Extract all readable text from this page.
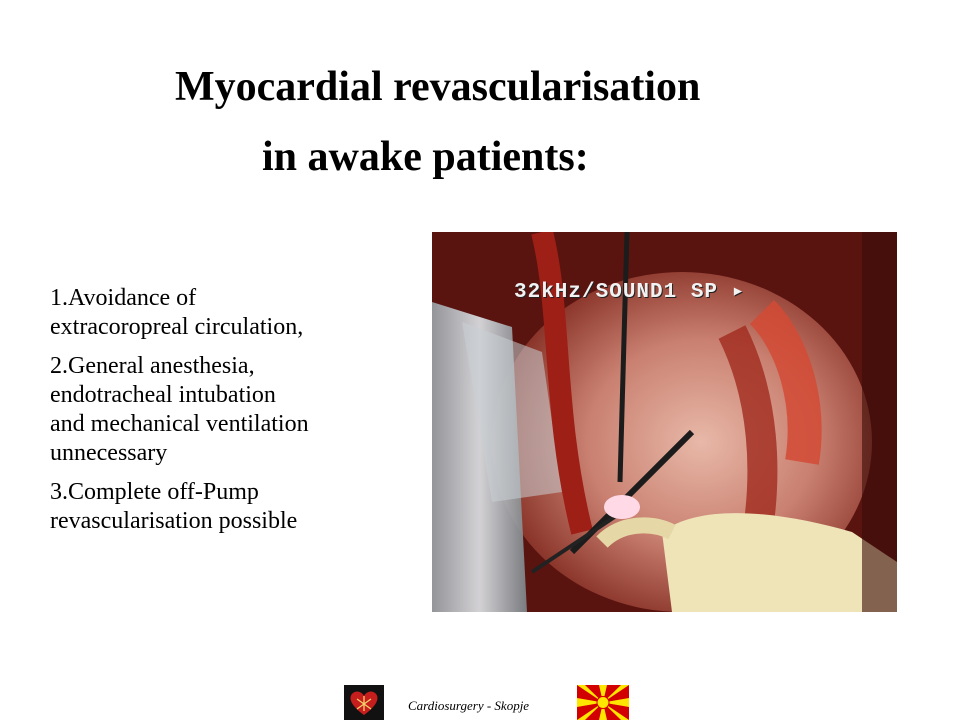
Myocardial revascularisation
in awake patients:
1.Avoidance of
extracoropreal circulation,
2.General anesthesia,
endotracheal intubation
and mechanical ventilation
unnecessary
3.Complete off-Pump
revascularisation possible
32kHz/SOUND1 SP ▸
Cardiosurgery - Skopje
